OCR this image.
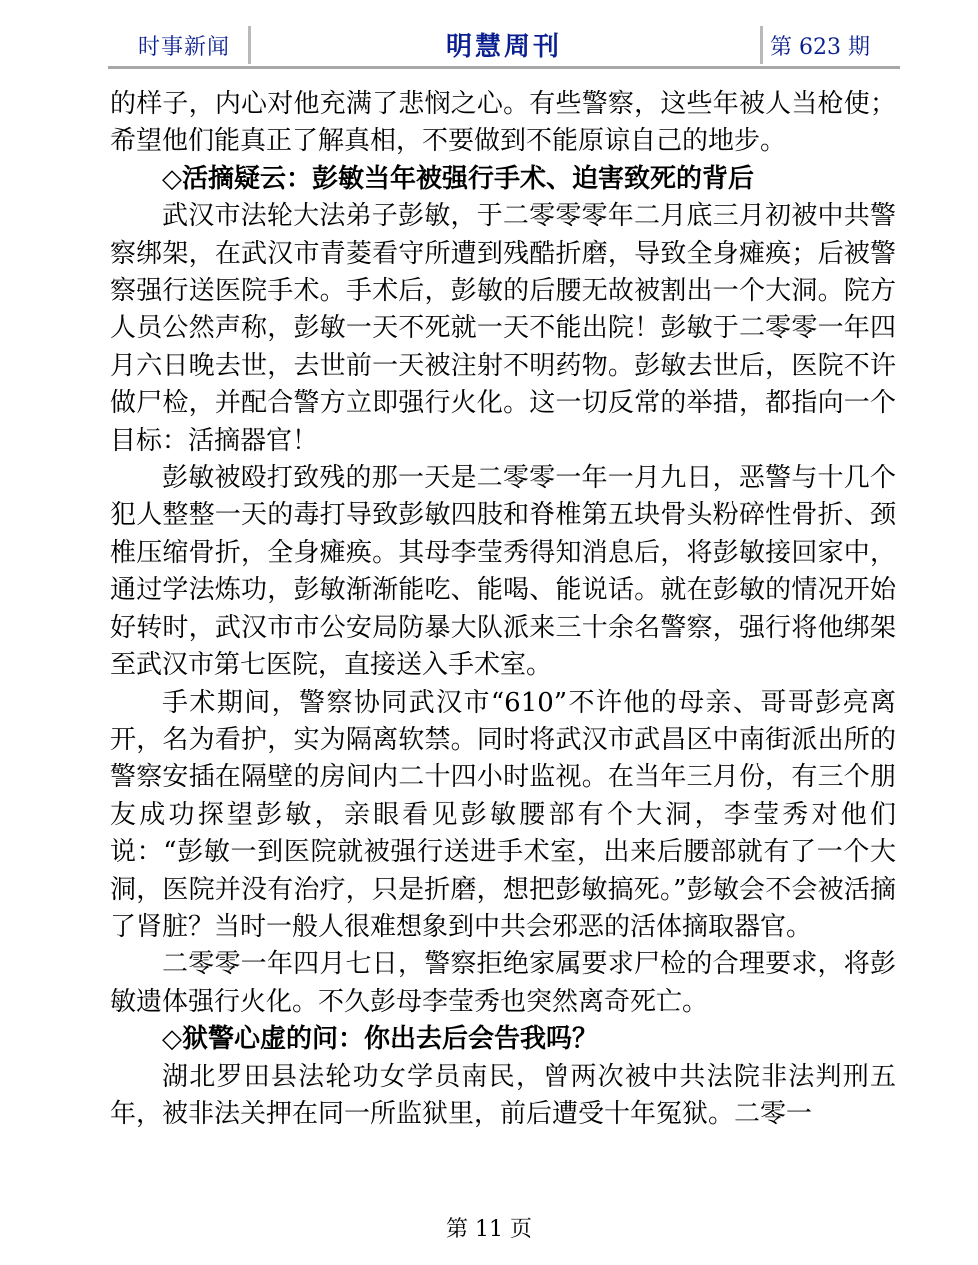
时事新闻	明慧周刊	第 623 期

的样子，内心对他充满了悲悯之心。有些警察，这些年被人当枪使；希望他们能真正了解真相，不要做到不能原谅自己的地步。

◇活摘疑云：彭敏当年被强行手术、迫害致死的背后

武汉市法轮大法弟子彭敏，于二零零零年二月底三月初被中共警察绑架，在武汉市青菱看守所遭到残酷折磨，导致全身瘫痪；后被警察强行送医院手术。手术后，彭敏的后腰无故被割出一个大洞。院方人员公然声称，彭敏一天不死就一天不能出院！彭敏于二零零一年四月六日晚去世，去世前一天被注射不明药物。彭敏去世后，医院不许做尸检，并配合警方立即强行火化。这一切反常的举措，都指向一个目标：活摘器官！

彭敏被殴打致残的那一天是二零零一年一月九日，恶警与十几个犯人整整一天的毒打导致彭敏四肢和脊椎第五块骨头粉碎性骨折、颈椎压缩骨折，全身瘫痪。其母李莹秀得知消息后，将彭敏接回家中，通过学法炼功，彭敏渐渐能吃、能喝、能说话。就在彭敏的情况开始好转时，武汉市市公安局防暴大队派来三十余名警察，强行将他绑架至武汉市第七医院，直接送入手术室。

手术期间，警察协同武汉市“610”不许他的母亲、哥哥彭亮离开，名为看护，实为隔离软禁。同时将武汉市武昌区中南街派出所的警察安插在隔壁的房间内二十四小时监视。在当年三月份，有三个朋友成功探望彭敏，亲眼看见彭敏腰部有个大洞，李莹秀对他们说：“彭敏一到医院就被强行送进手术室，出来后腰部就有了一个大洞，医院并没有治疗，只是折磨，想把彭敏搞死。”彭敏会不会被活摘了肾脏？当时一般人很难想象到中共会邪恶的活体摘取器官。

二零零一年四月七日，警察拒绝家属要求尸检的合理要求，将彭敏遗体强行火化。不久彭母李莹秀也突然离奇死亡。

◇狱警心虚的问：你出去后会告我吗？

湖北罗田县法轮功女学员南民，曾两次被中共法院非法判刑五年，被非法关押在同一所监狱里，前后遭受十年冤狱。二零一

第 11 页
